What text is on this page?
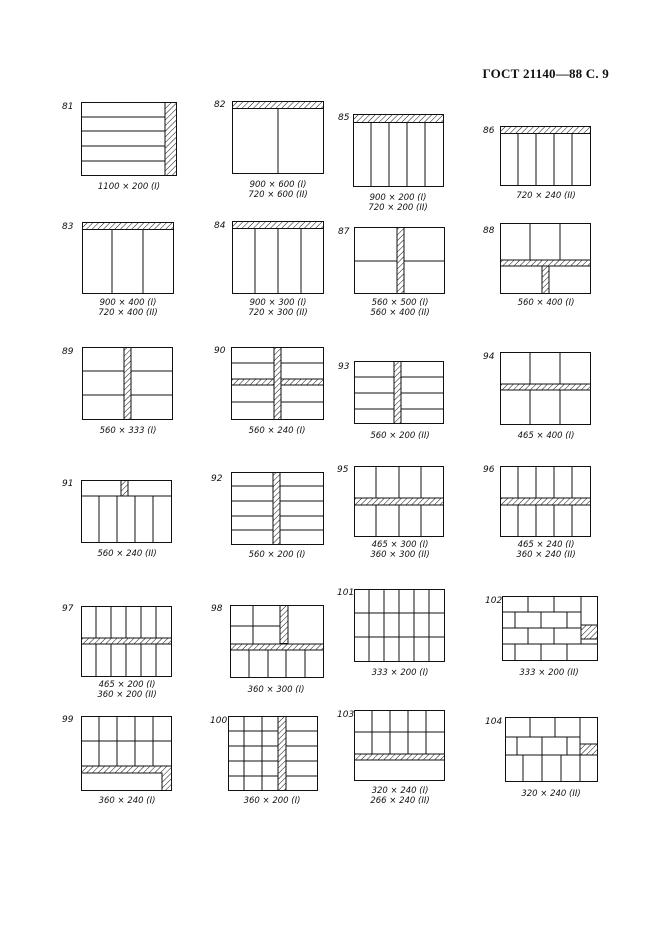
ГОСТ 21140—88 С. 9
81
1100 × 200 (I)
82
900 × 600 (I)
720 × 600 (II)
85
900 × 200 (I)
720 × 200 (II)
86
720 × 240 (II)
83
900 × 400 (I)
720 × 400 (II)
84
900 × 300 (I)
720 × 300 (II)
87
560 × 500 (I)
560 × 400 (II)
88
560 × 400 (I)
89
560 × 333 (I)
90
560 × 240 (I)
93
560 × 200 (II)
94
465 × 400 (I)
91
560 × 240 (II)
92
560 × 200 (I)
95
465 × 300 (I)
360 × 300 (II)
96
465 × 240 (I)
360 × 240 (II)
97
465 × 200 (I)
360 × 200 (II)
98
360 × 300 (I)
101
333 × 200 (I)
102
333 × 200 (II)
99
360 × 240 (I)
100
360 × 200 (I)
103
320 × 240 (I)
266 × 240 (II)
104
320 × 240 (II)
